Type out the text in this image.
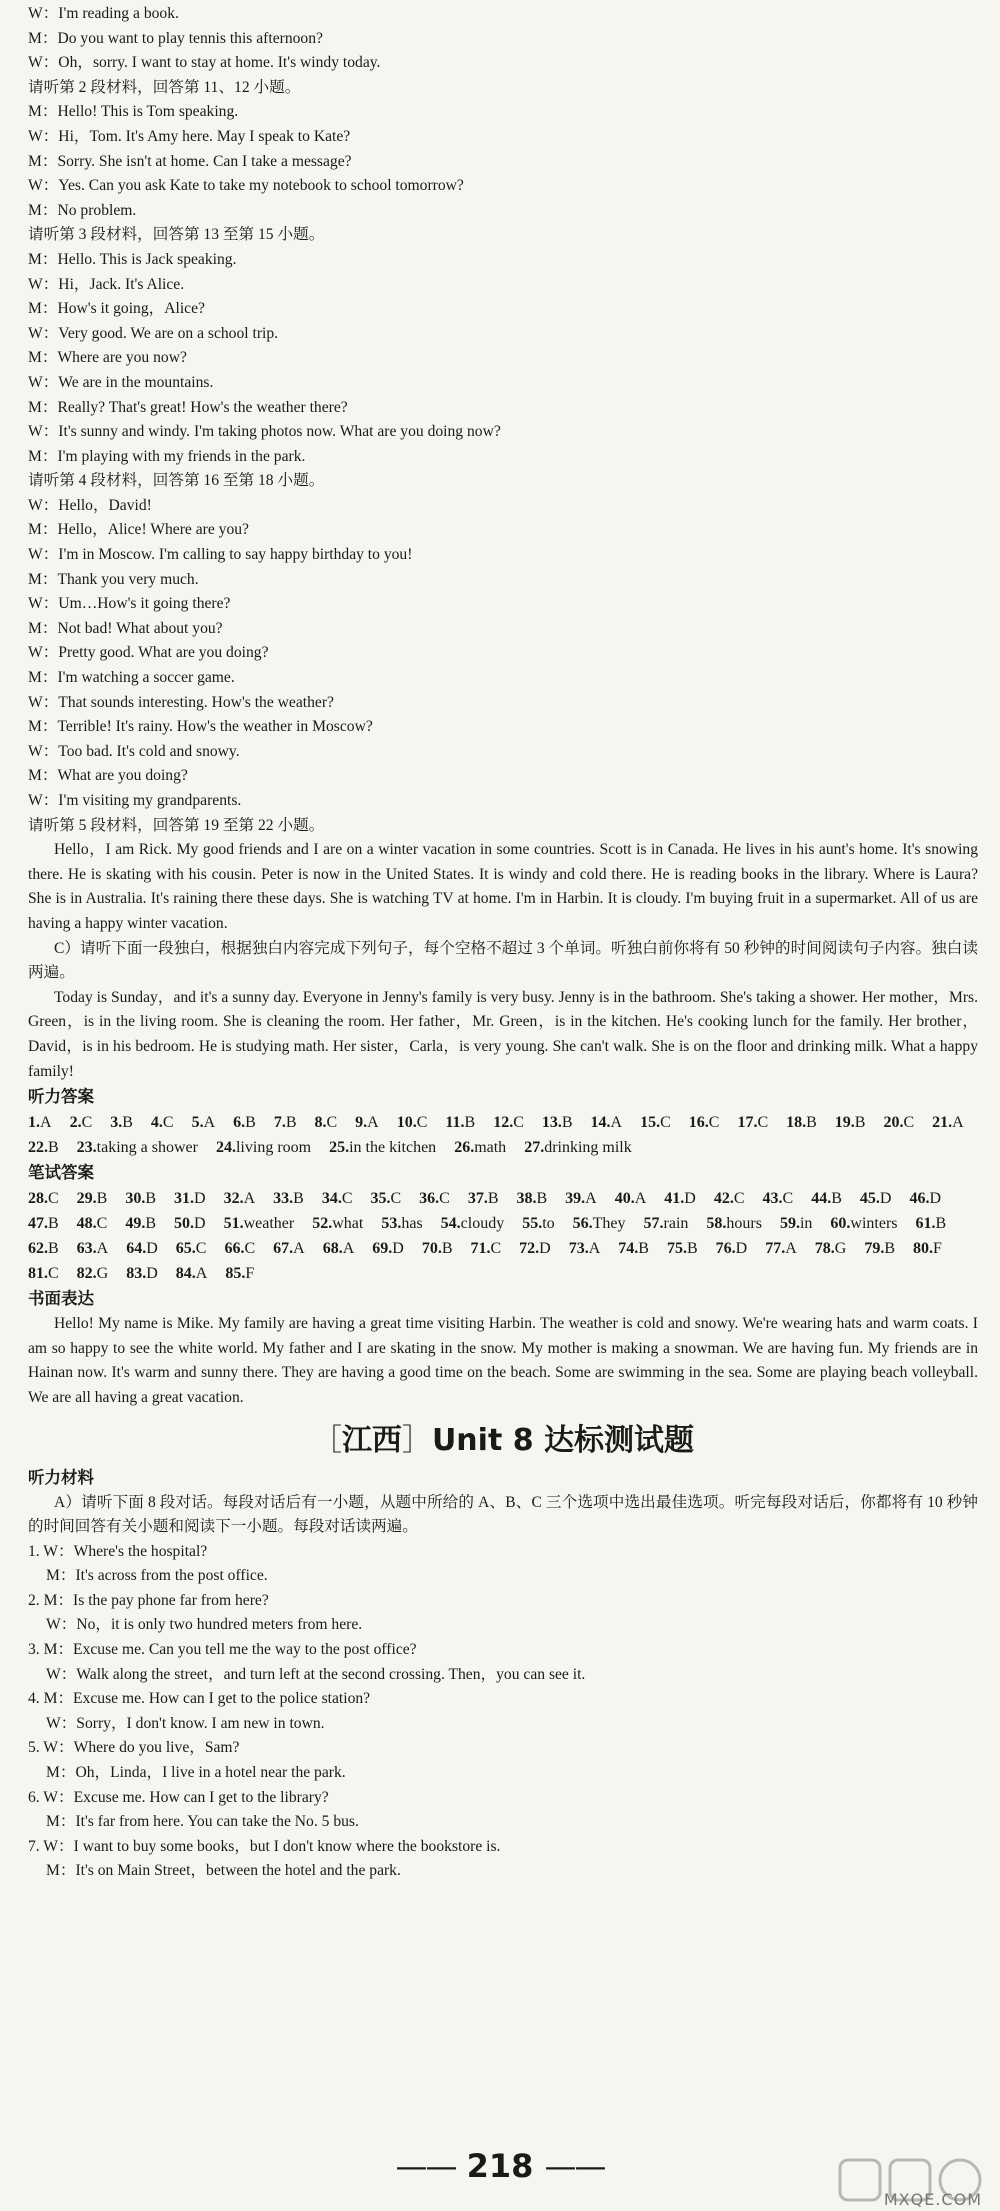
W：I'm reading a book.
M：Do you want to play tennis this afternoon?
W：Oh，sorry. I want to stay at home. It's windy today.
请听第 2 段材料，回答第 11、12 小题。
M：Hello! This is Tom speaking.
W：Hi，Tom. It's Amy here. May I speak to Kate?
M：Sorry. She isn't at home. Can I take a message?
W：Yes. Can you ask Kate to take my notebook to school tomorrow?
M：No problem.
请听第 3 段材料，回答第 13 至第 15 小题。
M：Hello. This is Jack speaking.
W：Hi，Jack. It's Alice.
M：How's it going，Alice?
W：Very good. We are on a school trip.
M：Where are you now?
W：We are in the mountains.
M：Really? That's great! How's the weather there?
W：It's sunny and windy. I'm taking photos now. What are you doing now?
M：I'm playing with my friends in the park.
请听第 4 段材料，回答第 16 至第 18 小题。
W：Hello，David!
M：Hello，Alice! Where are you?
W：I'm in Moscow. I'm calling to say happy birthday to you!
M：Thank you very much.
W：Um…How's it going there?
M：Not bad! What about you?
W：Pretty good. What are you doing?
M：I'm watching a soccer game.
W：That sounds interesting. How's the weather?
M：Terrible! It's rainy. How's the weather in Moscow?
W：Too bad. It's cold and snowy.
M：What are you doing?
W：I'm visiting my grandparents.
请听第 5 段材料，回答第 19 至第 22 小题。

Hello，I am Rick. My good friends and I are on a winter vacation in some countries. Scott is in Canada. He lives in his aunt's home. It's snowing there. He is skating with his cousin. Peter is now in the United States. It is windy and cold there. He is reading books in the library. Where is Laura? She is in Australia. It's raining there these days. She is watching TV at home. I'm in Harbin. It is cloudy. I'm buying fruit in a supermarket. All of us are having a happy winter vacation.

C）请听下面一段独白，根据独白内容完成下列句子，每个空格不超过 3 个单词。听独白前你将有 50 秒钟的时间阅读句子内容。独白读两遍。

Today is Sunday，and it's a sunny day. Everyone in Jenny's family is very busy. Jenny is in the bathroom. She's taking a shower. Her mother，Mrs. Green，is in the living room. She is cleaning the room. Her father，Mr. Green，is in the kitchen. He's cooking lunch for the family. Her brother，David，is in his bedroom. He is studying math. Her sister，Carla，is very young. She can't walk. She is on the floor and drinking milk. What a happy family!

听力答案
1.A 2.C 3.B 4.C 5.A 6.B 7.B 8.C 9.A 10.C 11.B 12.C 13.B 14.A 15.C 16.C 17.C 18.B 19.B 20.C 21.A
22.B 23.taking a shower 24.living room 25.in the kitchen 26.math 27.drinking milk
笔试答案
28.C 29.B 30.B 31.D 32.A 33.B 34.C 35.C 36.C 37.B 38.B 39.A 40.A 41.D 42.C 43.C 44.B 45.D 46.D
47.B 48.C 49.B 50.D 51.weather 52.what 53.has 54.cloudy 55.to 56.They 57.rain 58.hours 59.in 60.winters 61.B
62.B 63.A 64.D 65.C 66.C 67.A 68.A 69.D 70.B 71.C 72.D 73.A 74.B 75.B 76.D 77.A 78.G 79.B 80.F
81.C 82.G 83.D 84.A 85.F
书面表达

Hello! My name is Mike. My family are having a great time visiting Harbin. The weather is cold and snowy. We're wearing hats and warm coats. I am so happy to see the white world. My father and I are skating in the snow. My mother is making a snowman. We are having fun. My friends are in Hainan now. It's warm and sunny there. They are having a good time on the beach. Some are swimming in the sea. Some are playing beach volleyball. We are all having a great vacation.

［江西］Unit 8 达标测试题
听力材料

A）请听下面 8 段对话。每段对话后有一小题，从题中所给的 A、B、C 三个选项中选出最佳选项。听完每段对话后，你都将有 10 秒钟的时间回答有关小题和阅读下一小题。每段对话读两遍。

1. W：Where's the hospital?
M：It's across from the post office.
2. M：Is the pay phone far from here?
W：No，it is only two hundred meters from here.
3. M：Excuse me. Can you tell me the way to the post office?
W：Walk along the street，and turn left at the second crossing. Then，you can see it.
4. M：Excuse me. How can I get to the police station?
W：Sorry，I don't know. I am new in town.
5. W：Where do you live，Sam?
M：Oh，Linda，I live in a hotel near the park.
6. W：Excuse me. How can I get to the library?
M：It's far from here. You can take the No. 5 bus.
7. W：I want to buy some books，but I don't know where the bookstore is.
M：It's on Main Street，between the hotel and the park.
—— 218 ——
MXQE.COM
